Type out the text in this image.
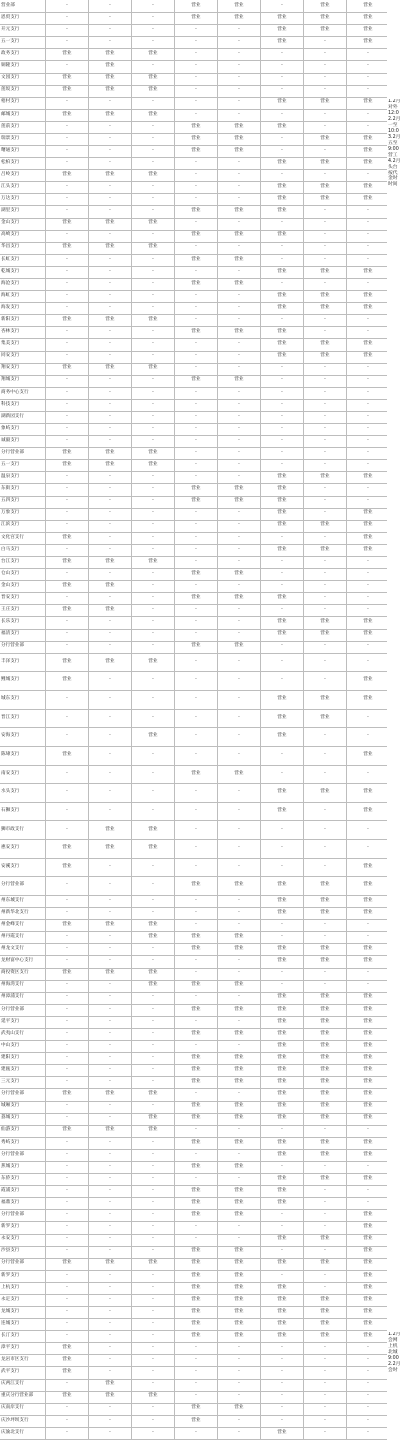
营业部	-	-	-	营业	营业	-	营业	营业
恩贸支行	-	-	-	营业	营业	营业	营业	营业
开元支行	-	-	-	-	-	营业	营业	营业
五一支行	-	-	-	-	-	营业	-	营业
政务支行	营业	营业	营业	-	-	-	-	-
铜隆支行	-	营业	-	-	-	-	-	-
文园支行	营业	营业	营业	-	-	-	-	-
莲坂支行	营业	营业	营业	-	-	-	-	-
梧村支行	-	-	-	-	-	营业	营业	营业
邮城支行	营业	营业	营业	-	-	-	-	-
莲前支行	-	-	-	营业	营业	营业	-	-
瑞景支行	-	-	-	营业	营业	-	营业	营业
曙通支行	-	-	-	营业	营业	-	-	营业
松柏支行	-	-	-	-	-	营业	营业	营业
吕岭支行	营业	营业	营业	-	-	-	-	-
江头支行	-	-	-	-	-	营业	营业	营业
万达支行	-	-	-	-	-	营业	营业	营业
湖里支行	-	-	-	营业	营业	营业	-	-
金山支行	营业	营业	营业	-	-	-	-	-
高崎支行	-	-	-	营业	营业	营业	-	-
华昌支行	营业	营业	营业	-	-	-	-	-
长虹支行	-	-	-	营业	营业	-	-	-
乾城支行	-	-	-	-	-	营业	营业	营业
海沧支行	-	-	-	营业	营业	-	-	-
海虹支行	-	-	-	-	-	营业	营业	营业
海发支行	-	-	-	-	-	营业	营业	营业
新阳支行	营业	营业	营业	-	-	-	-	-
杏林支行	-	-	-	营业	营业	营业	-	-
集美支行	-	-	-	-	-	营业	营业	营业
同安支行	-	-	-	-	-	营业	营业	营业
翔安支行	营业	营业	营业	-	-	-	-	-
翔城支行	-	-	-	营业	营业	-	-	-
商务中心支行	-	-	-	-	-	-	-	-
科技支行	-	-	-	-	-	-	-	-
湖新园支行	-	-	-	-	-	-	-	-
象屿支行	-	-	-	-	-	-	-	-
诚毅支行	-	-	-	-	-	-	-	-
分行营业部	营业	营业	营业	-	-	-	-	-
五一支行	营业	营业	营业	-	-	-	-	-
温泉支行	-	-	-	-	-	营业	营业	营业
东街支行	-	-	-	营业	营业	营业	-	-
五四支行	-	-	-	营业	营业	营业	-	-
万象支行	-	-	-	-	-	营业	-	营业
江滨支行	-	-	-	-	-	营业	营业	营业
文化宫支行	营业	-	-	-	-	-	-	营业
白马支行	-	-	-	-	-	营业	营业	营业
台江支行	营业	营业	营业	-	-	-	-	-
仓山支行	-	-	-	营业	营业	-	-	-
金山支行	营业	营业	-	-	-	-	-	-
晋安支行	-	-	-	营业	营业	营业	-	-
王庄支行	营业	营业	-	-	-	-	-	-
长乐支行	-	-	-	-	-	营业	营业	营业
福清支行	-	-	-	-	-	营业	营业	营业
分行营业部	-	-	-	营业	营业	-	-	-
丰泽支行	营业	营业	营业	-	-	-	-	-
鲤城支行	营业	-	-	-	-	-	-	营业
城东支行	-	-	-	-	-	营业	营业	营业
晋江支行	-	-	-	-	-	营业	营业	-
安海支行	-	-	营业	-	-	营业	-	-
陈埭支行	营业	-	-	-	-	-	-	营业
南安支行	-	-	-	营业	营业	-	-	-
水头支行	-	-	-	-	-	营业	营业	营业
石狮支行	-	-	-	-	-	营业	-	营业
狮市政支行	-	营业	营业	-	-	-	-	-
惠安支行	营业	营业	营业	-	-	-	-	-
安溪支行	营业	-	-	-	-	-	-	营业
分行营业部	-	-	-	营业	营业	营业	营业	营业
州东城支行	-	-	-	-	-	营业	营业	营业
州新华北支行	-	-	-	-	-	营业	营业	营业
州金峰支行	营业	营业	营业	-	-	-	-	-
州丹霞支行	-	-	营业	营业	营业	-	-	-
州龙文支行	-	-	-	营业	营业	营业	营业	营业
龙财富中心支行	-	-	-	-	-	营业	营业	营业
商投资区支行	营业	营业	营业	-	-	-	-	-
州海湾支行	-	-	营业	营业	营业	-	-	-
州漳浦支行	-	-	-	-	-	营业	营业	营业
分行营业部	-	-	-	营业	营业	营业	营业	营业
延平支行	-	-	-	-	-	营业	营业	营业
武夷山支行	-	-	-	营业	营业	营业	营业	营业
中山支行	-	-	-	-	-	营业	营业	营业
建阳支行	-	-	-	营业	营业	营业	营业	营业
建瓯支行	-	-	-	营业	营业	营业	营业	营业
三元支行	-	-	-	营业	营业	营业	营业	营业
分行营业部	营业	营业	营业	-	-	营业	营业	营业
城厢支行	-	-	-	营业	营业	营业	营业	营业
荔城支行	-	-	营业	营业	营业	营业	营业	营业
仙游支行	营业	营业	营业	-	-	-	-	-
秀屿支行	-	-	-	营业	营业	营业	营业	营业
分行营业部	-	-	-	-	-	营业	营业	营业
蕉城支行	-	-	-	营业	营业	-	-	-
东侨支行	-	-	-	-	-	营业	营业	营业
霞浦支行	-	-	-	营业	营业	营业	-	-
福鼎支行	-	-	-	营业	营业	营业	-	-
分行营业部	-	-	-	营业	营业	-	-	营业
新罗支行	-	-	-	-	-	-	-	营业
永安支行	-	-	-	-	-	营业	营业	营业
沙县支行	-	-	-	营业	营业	-	-	营业
分行营业部	营业	营业	营业	营业	营业	营业	营业	营业
新罗支行	-	-	-	营业	营业	-	-	营业
上杭支行	-	-	-	营业	营业	营业	-	营业
永定支行	-	-	-	营业	营业	营业	营业	营业
龙城支行	-	-	-	营业	营业	营业	营业	营业
连城支行	-	-	-	营业	营业	营业	营业	营业
长汀支行	-	-	-	营业	营业	营业	营业	营业
漳平支行	营业	-	-	-	-	-	-	-
龙岩市区支行	营业	-	-	-	-	-	-	-
武平支行	营业	-	-	-	-	-	-	-
庆两江支行	-	营业	-	-	-	-	-	-
重庆分行营业部	营业	营业	营业	-	-	-	-	-
庆南岸支行	-	-	-	营业	营业	-	-	-
庆沙坪坝支行	-	-	-	营业	-	-	-	-
庆渝北支行	-	-	-	-	-	营业	-	-
1.2月
对外
12:0
2.2月
一至
10:0
3.2月
五至
9:00
营工
4.2月
头台
按代
金时
时间
1.2月
会网
上机
北城
9:00
2.2月
会时
